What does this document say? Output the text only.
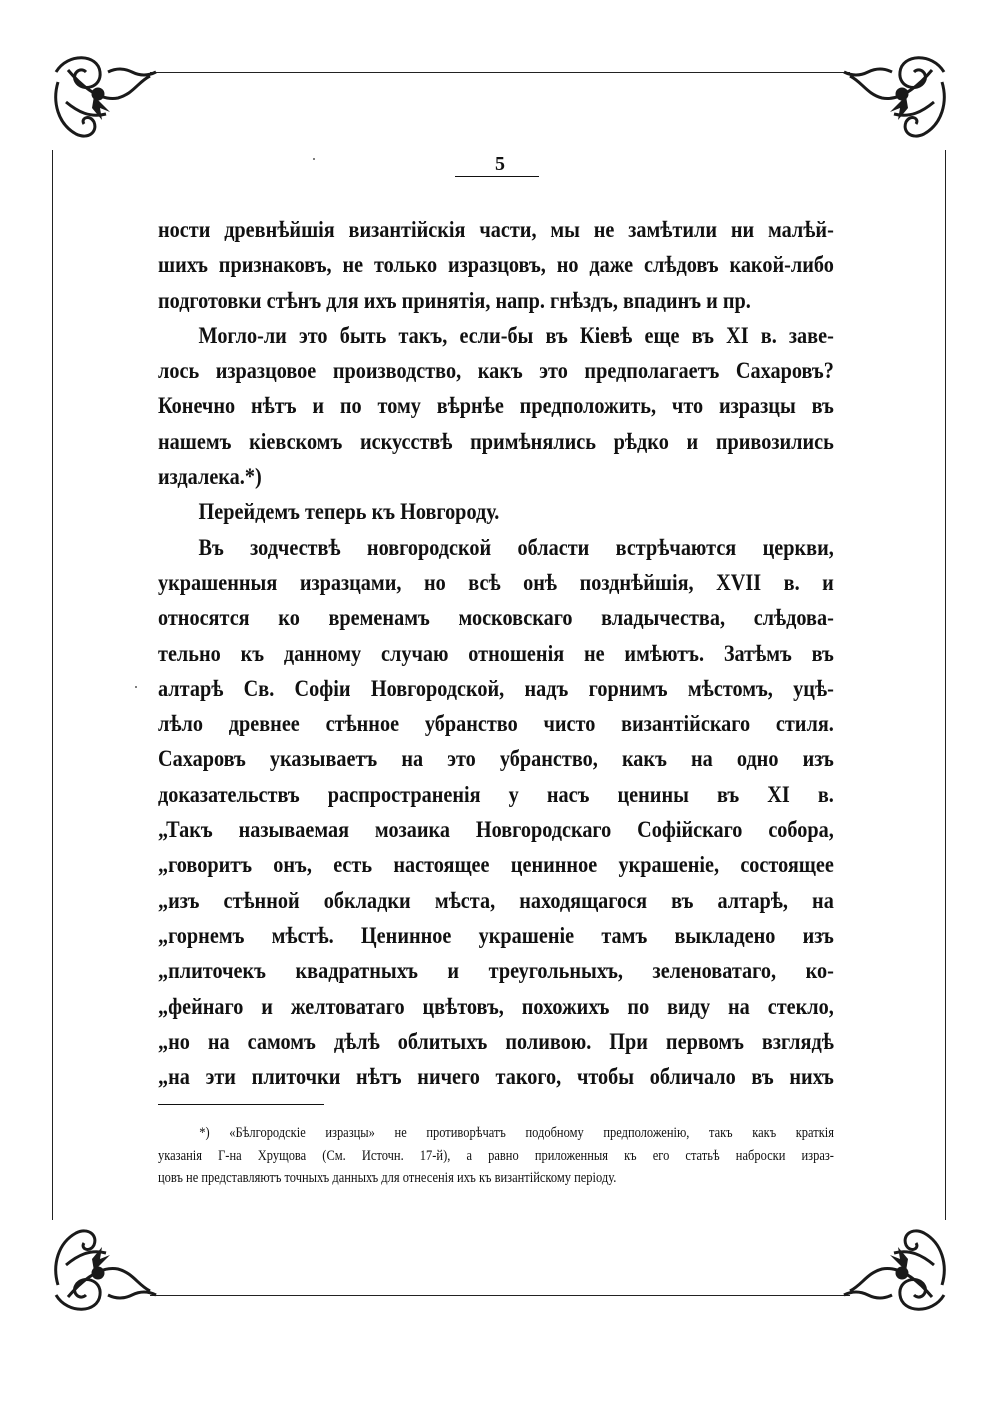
5
ности древнѣйшія византійскія части, мы не замѣтили ни малѣй-
шихъ признаковъ, не только изразцовъ, но даже слѣдовъ какой-либо
подготовки стѣнъ для ихъ принятія, напр. гнѣздъ, впадинъ и пр.
Могло-ли это быть такъ, если-бы въ Кіевѣ еще въ XI в. заве-
лось изразцовое производство, какъ это предполагаетъ Сахаровъ?
Конечно нѣтъ и по тому вѣрнѣе предположить, что изразцы въ
нашемъ кіевскомъ искусствѣ примѣнялись рѣдко и привозились
издалека.*)
Перейдемъ теперь къ Новгороду.
Въ зодчествѣ новгородской области встрѣчаются церкви,
украшенныя изразцами, но всѣ онѣ позднѣйшія, XVII в. и
относятся ко временамъ московскаго владычества, слѣдова-
тельно къ данному случаю отношенія не имѣютъ. Затѣмъ въ
алтарѣ Св. Софіи Новгородской, надъ горнимъ мѣстомъ, уцѣ-
лѣло древнее стѣнное убранство чисто византійскаго стиля.
Сахаровъ указываетъ на это убранство, какъ на одно изъ
доказательствъ распространенія у насъ ценины въ XI в.
„Такъ называемая мозаика Новгородскаго Софійскаго собора,
„говоритъ онъ, есть настоящее ценинное украшеніе, состоящее
„изъ стѣнной обкладки мѣста, находящагося въ алтарѣ, на
„горнемъ мѣстѣ. Ценинное украшеніе тамъ выкладено изъ
„плиточекъ квадратныхъ и треугольныхъ, зеленоватаго, ко-
„фейнаго и желтоватаго цвѣтовъ, похожихъ по виду на стекло,
„но на самомъ дѣлѣ облитыхъ поливою. При первомъ взглядѣ
„на эти плиточки нѣтъ ничего такого, чтобы обличало въ нихъ
*) «Бѣлгородскіе изразцы» не противорѣчатъ подобному предположенію, такъ какъ краткія
указанія Г-на Хрущова (См. Источн. 17-й), а равно приложенныя къ его статьѣ наброски израз-
цовъ не представляютъ точныхъ данныхъ для отнесенія ихъ къ византійскому періоду.
